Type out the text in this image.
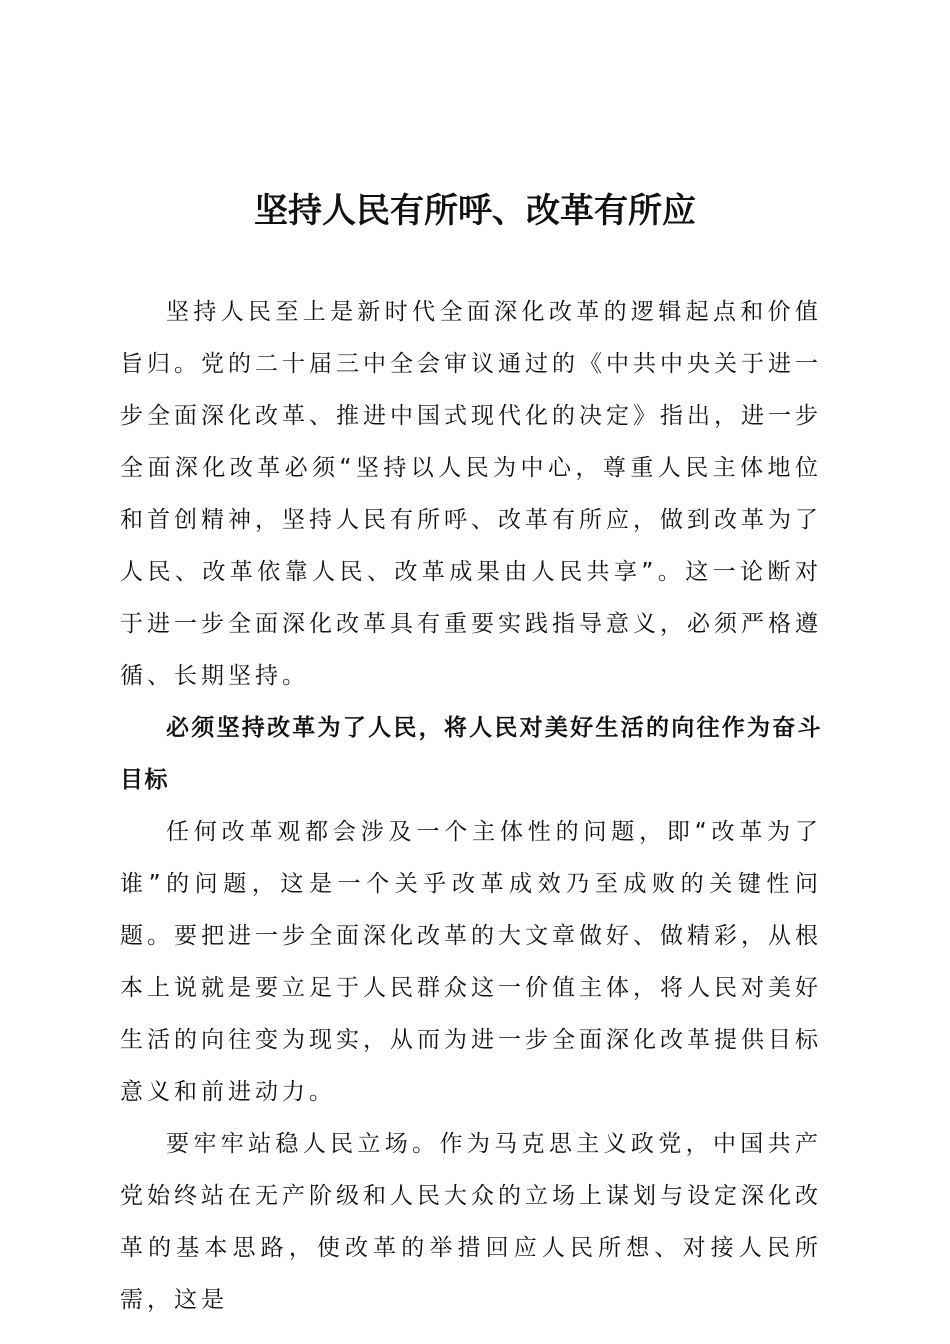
坚持人民有所呼、改革有所应

坚持人民至上是新时代全面深化改革的逻辑起点和价值旨归。党的二十届三中全会审议通过的《中共中央关于进一步全面深化改革、推进中国式现代化的决定》指出，进一步全面深化改革必须“坚持以人民为中心，尊重人民主体地位和首创精神，坚持人民有所呼、改革有所应，做到改革为了人民、改革依靠人民、改革成果由人民共享”。这一论断对于进一步全面深化改革具有重要实践指导意义，必须严格遵循、长期坚持。

必须坚持改革为了人民，将人民对美好生活的向往作为奋斗目标

任何改革观都会涉及一个主体性的问题，即“改革为了谁”的问题，这是一个关乎改革成效乃至成败的关键性问题。要把进一步全面深化改革的大文章做好、做精彩，从根本上说就是要立足于人民群众这一价值主体，将人民对美好生活的向往变为现实，从而为进一步全面深化改革提供目标意义和前进动力。

要牢牢站稳人民立场。作为马克思主义政党，中国共产党始终站在无产阶级和人民大众的立场上谋划与设定深化改革的基本思路，使改革的举措回应人民所想、对接人民所需，这是
